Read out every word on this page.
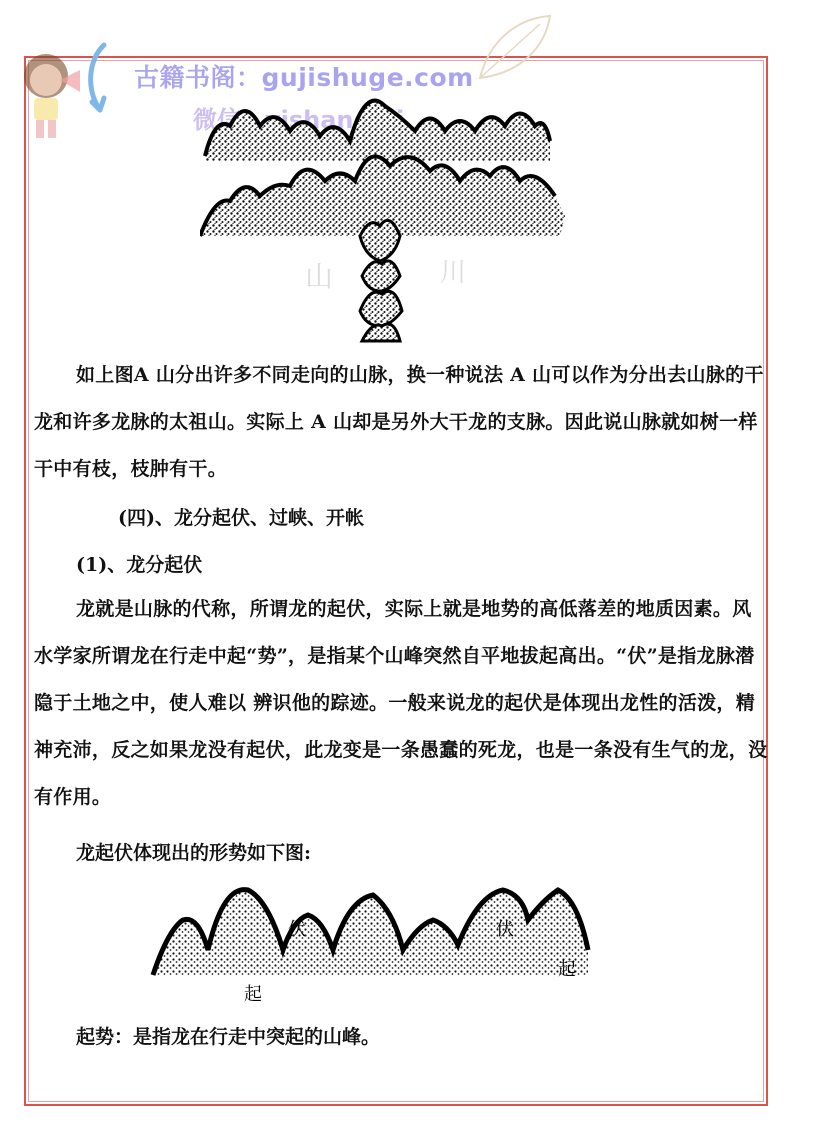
古籍书阁：gujishuge.com
微信：yishanguji
山	川
如上图A 山分出许多不同走向的山脉，换一种说法 A 山可以作为分出去山脉的干龙和许多龙脉的太祖山。实际上 A 山却是另外大干龙的支脉。因此说山脉就如树一样干中有枝，枝肿有干。
(四)、龙分起伏、过峡、开帐
(1)、龙分起伏
龙就是山脉的代称，所谓龙的起伏，实际上就是地势的高低落差的地质因素。风水学家所谓龙在行走中起“势”，是指某个山峰突然自平地拔起高出。“伏”是指龙脉潜隐于土地之中，使人难以 辨识他的踪迹。一般来说龙的起伏是体现出龙性的活泼，精神充沛，反之如果龙没有起伏，此龙变是一条愚蠢的死龙，也是一条没有生气的龙，没有作用。
龙起伏体现出的形势如下图:
伏	伏
起
起
起势：是指龙在行走中突起的山峰。
